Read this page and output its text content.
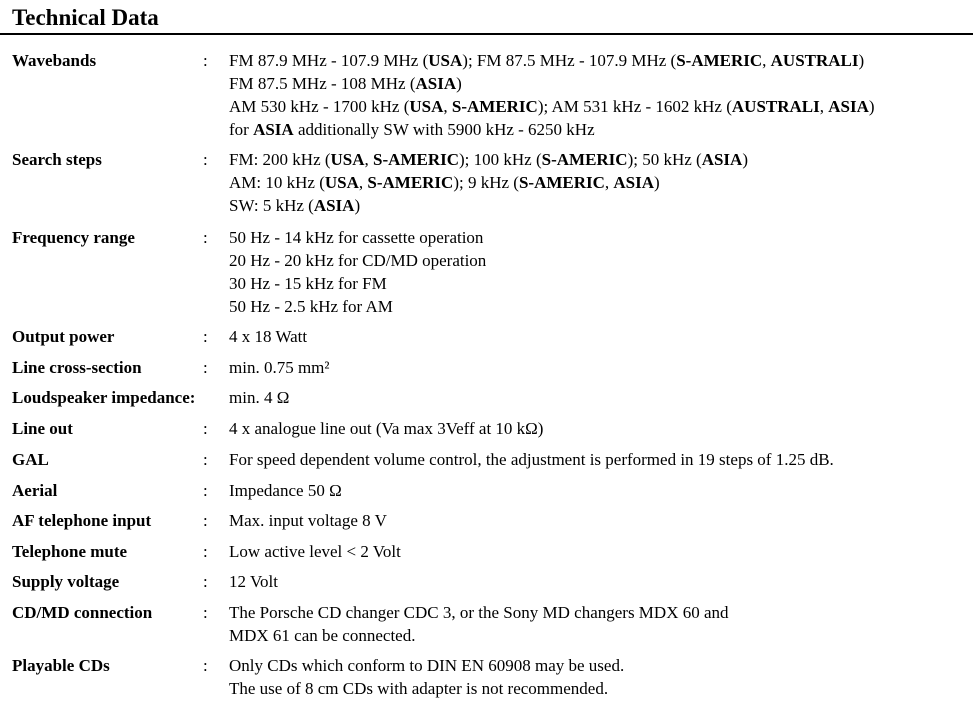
Technical Data
Wavebands	: FM 87.9 MHz - 107.9 MHz (USA); FM 87.5 MHz - 107.9 MHz (S-AMERIC, AUSTRALI)
FM 87.5 MHz - 108 MHz (ASIA)
AM 530 kHz - 1700 kHz (USA, S-AMERIC); AM 531 kHz - 1602 kHz (AUSTRALI, ASIA)
for ASIA additionally SW with 5900 kHz - 6250 kHz
Search steps	: FM: 200 kHz (USA, S-AMERIC); 100 kHz (S-AMERIC); 50 kHz (ASIA)
AM: 10 kHz (USA, S-AMERIC); 9 kHz (S-AMERIC, ASIA)
SW: 5 kHz (ASIA)
Frequency range	: 50 Hz - 14 kHz for cassette operation
20 Hz - 20 kHz for CD/MD operation
30 Hz - 15 kHz for FM
50 Hz - 2.5 kHz for AM
Output power	: 4 x 18 Watt
Line cross-section	: min. 0.75 mm²
Loudspeaker impedance: min. 4 Ω
Line out	: 4 x analogue line out (Va max 3Veff at 10 kΩ)
GAL	: For speed dependent volume control, the adjustment is performed in 19 steps of 1.25 dB.
Aerial	: Impedance 50 Ω
AF telephone input	: Max. input voltage 8 V
Telephone mute	: Low active level < 2 Volt
Supply voltage	: 12 Volt
CD/MD connection	: The Porsche CD changer CDC 3, or the Sony MD changers MDX 60 and
MDX 61 can be connected.
Playable CDs	: Only CDs which conform to DIN EN 60908 may be used.
The use of 8 cm CDs with adapter is not recommended.
